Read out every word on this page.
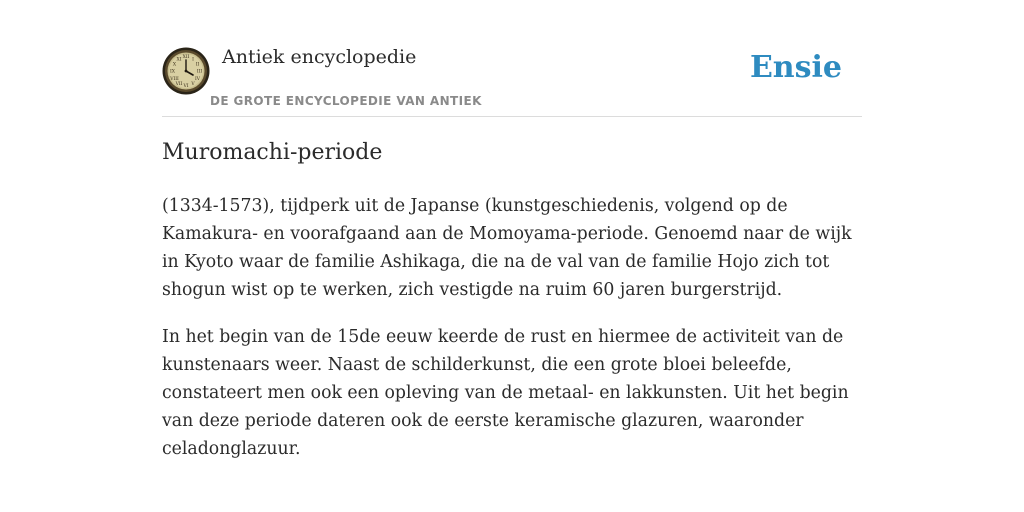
XII
III
VI
IX
I
II
IV
V
VII
VIII
X
XI Antiek encyclopedie
DE GROTE ENCYCLOPEDIE VAN ANTIEK
Ensie
Muromachi-periode

(1334-1573), tijdperk uit de Japanse (kunstgeschiedenis, volgend op de Kamakura- en voorafgaand aan de Momoyama-periode. Genoemd naar de wijk in Kyoto waar de familie Ashikaga, die na de val van de familie Hojo zich tot shogun wist op te werken, zich vestigde na ruim 60 jaren burgerstrijd.

In het begin van de 15de eeuw keerde de rust en hiermee de activiteit van de kunstenaars weer. Naast de schilderkunst, die een grote bloei beleefde, constateert men ook een opleving van de metaal- en lakkunsten. Uit het begin van deze periode dateren ook de eerste keramische glazuren, waaronder celadonglazuur.
